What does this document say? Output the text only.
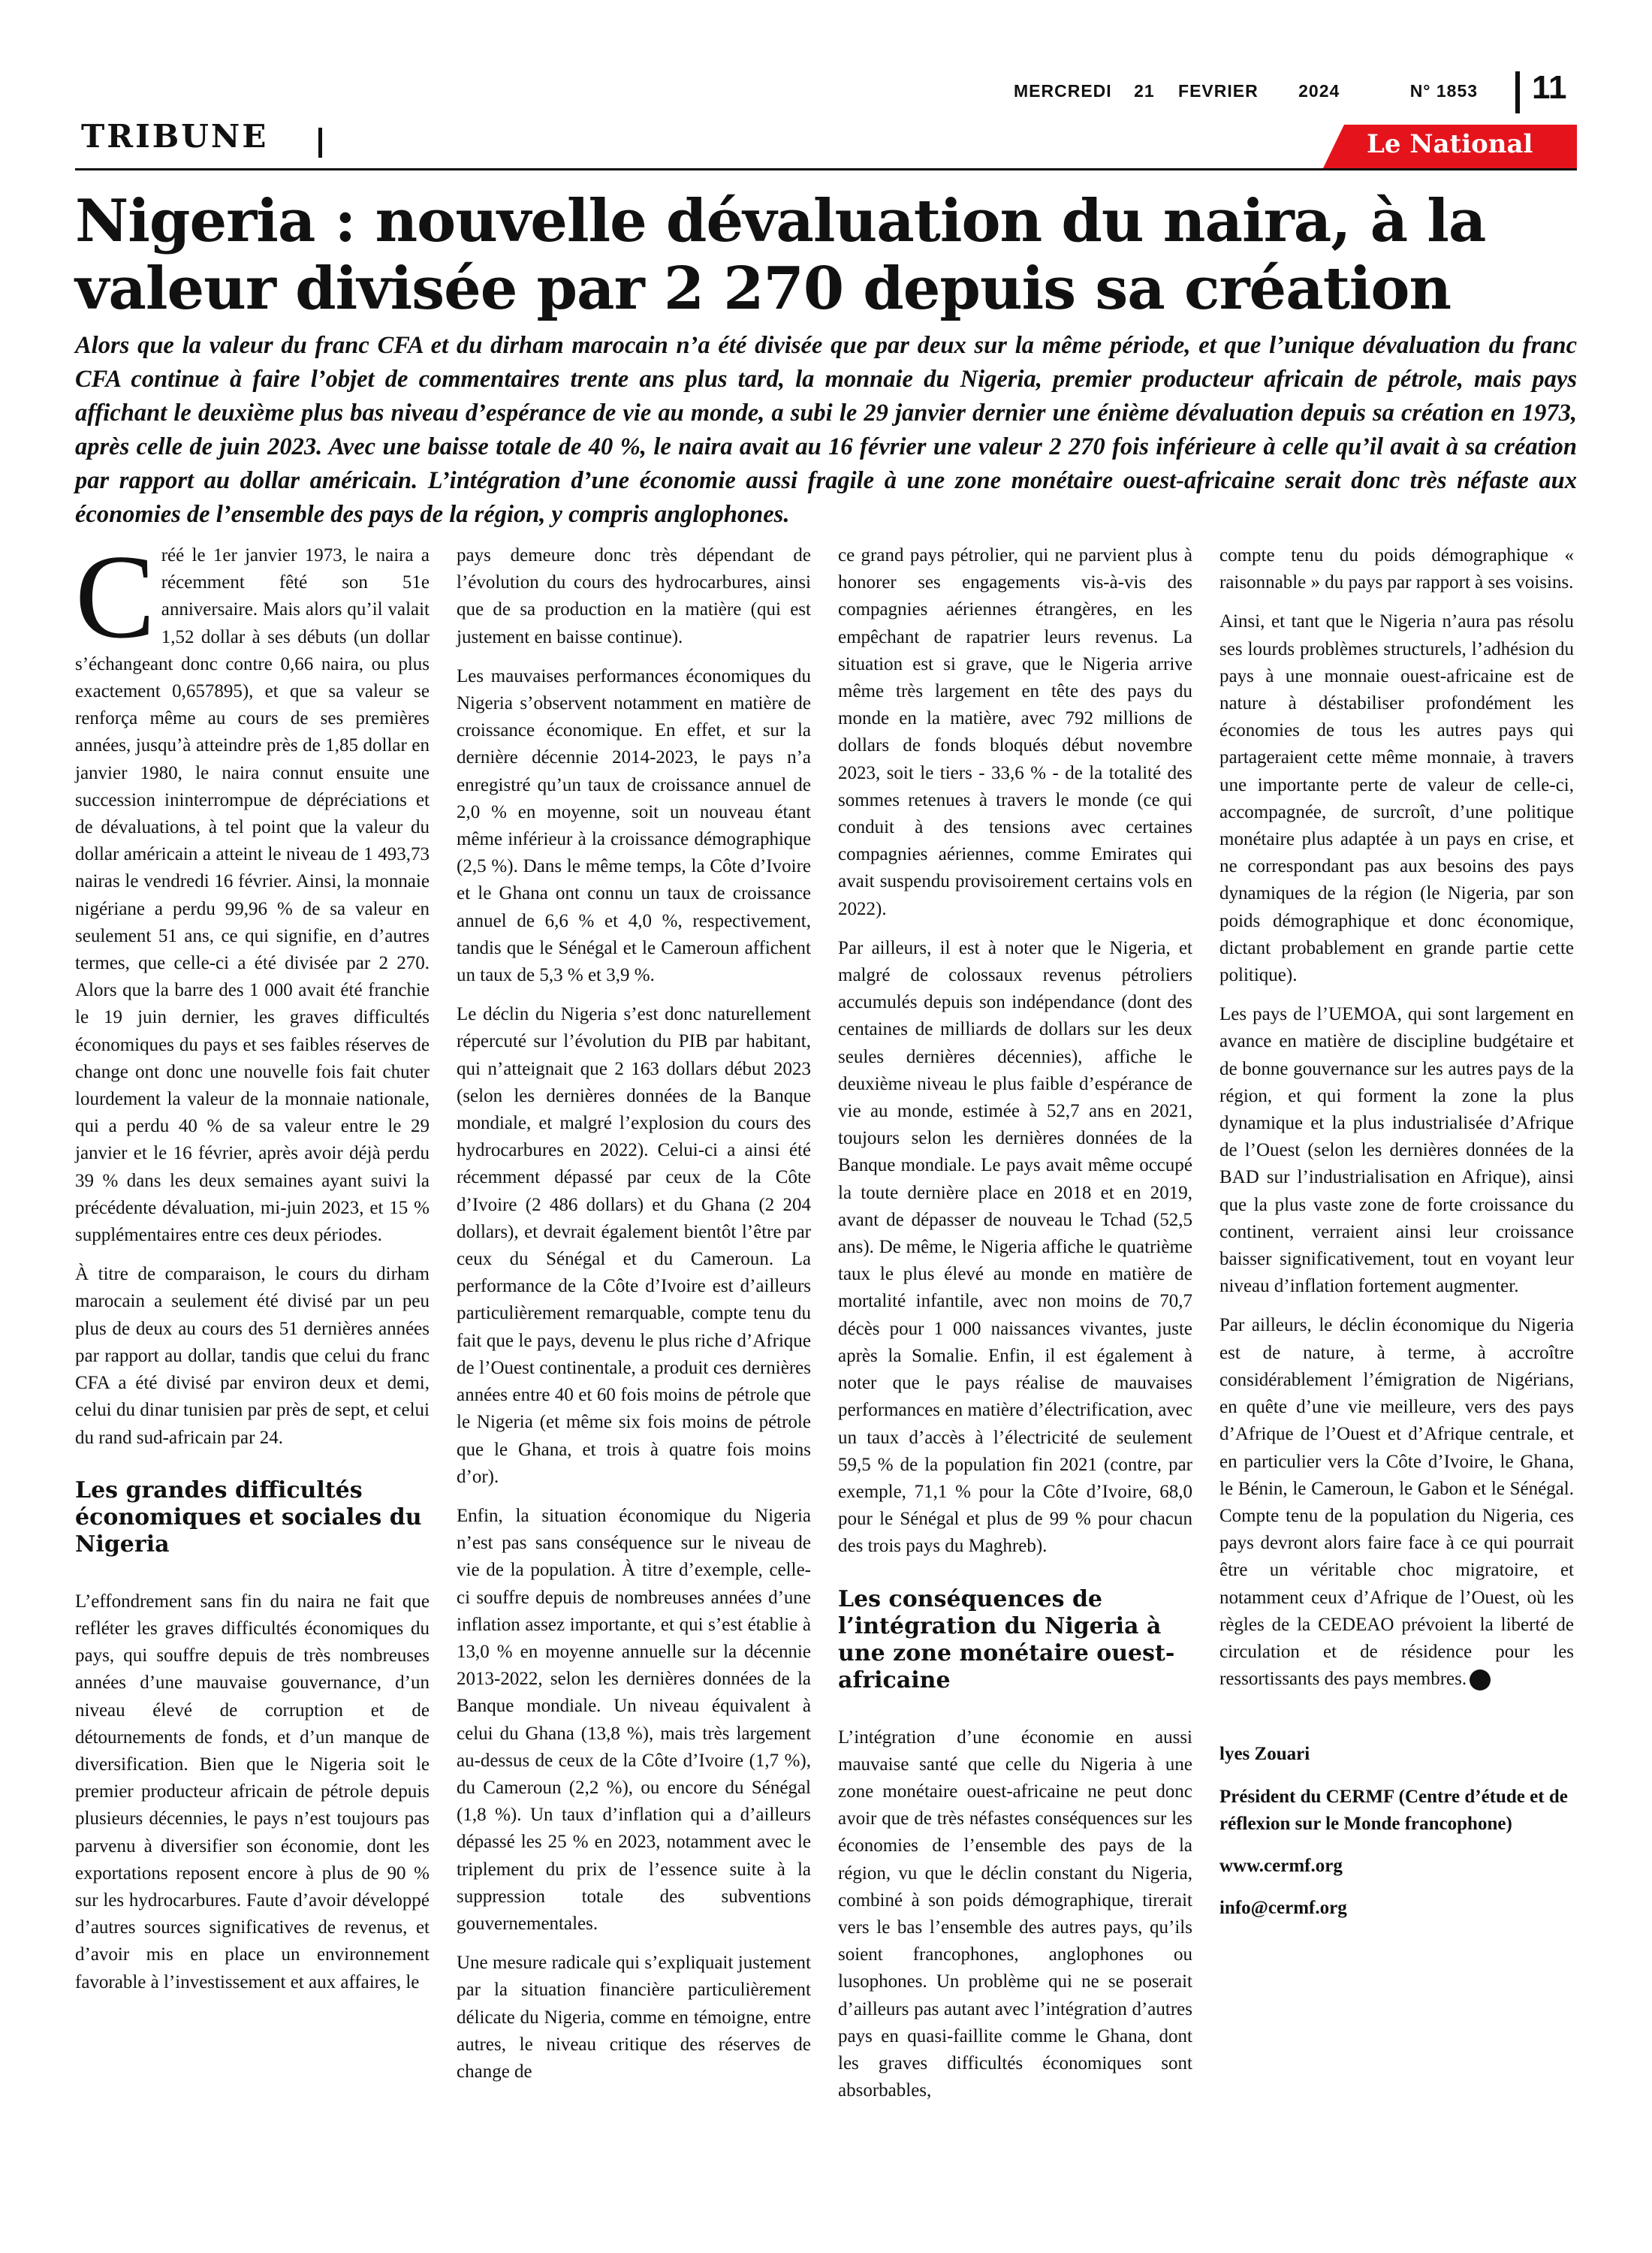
MERCREDI 21 FEVRIER 2024	N° 1853 11
TRIBUNE	Le National
Nigeria : nouvelle dévaluation du naira, à la valeur divisée par 2 270 depuis sa création
Alors que la valeur du franc CFA et du dirham marocain n’a été divisée que par deux sur la même période, et que l’unique dévaluation du franc CFA continue à faire l’objet de commentaires trente ans plus tard, la monnaie du Nigeria, premier producteur africain de pétrole, mais pays affichant le deuxième plus bas niveau d’espérance de vie au monde, a subi le 29 janvier dernier une énième dévaluation depuis sa création en 1973, après celle de juin 2023. Avec une baisse totale de 40 %, le naira avait au 16 février une valeur 2 270 fois inférieure à celle qu’il avait à sa création par rapport au dollar américain. L’intégration d’une économie aussi fragile à une zone monétaire ouest-africaine serait donc très néfaste aux économies de l’ensemble des pays de la région, y compris anglophones.

Créé le 1er janvier 1973, le naira a récemment fêté son 51e anniversaire. Mais alors qu’il valait 1,52 dollar à ses débuts (un dollar s’échangeant donc contre 0,66 naira, ou plus exactement 0,657895), et que sa valeur se renforça même au cours de ses premières années, jusqu’à atteindre près de 1,85 dollar en janvier 1980, le naira connut ensuite une succession ininterrompue de dépréciations et de dévaluations, à tel point que la valeur du dollar américain a atteint le niveau de 1 493,73 nairas le vendredi 16 février. Ainsi, la monnaie nigériane a perdu 99,96 % de sa valeur en seulement 51 ans, ce qui signifie, en d’autres termes, que celle-ci a été divisée par 2 270. Alors que la barre des 1 000 avait été franchie le 19 juin dernier, les graves difficultés économiques du pays et ses faibles réserves de change ont donc une nouvelle fois fait chuter lourdement la valeur de la monnaie nationale, qui a perdu 40 % de sa valeur entre le 29 janvier et le 16 février, après avoir déjà perdu 39 % dans les deux semaines ayant suivi la précédente dévaluation, mi-juin 2023, et 15 % supplémentaires entre ces deux périodes.

À titre de comparaison, le cours du dirham marocain a seulement été divisé par un peu plus de deux au cours des 51 dernières années par rapport au dollar, tandis que celui du franc CFA a été divisé par environ deux et demi, celui du dinar tunisien par près de sept, et celui du rand sud-africain par 24.

Les grandes difficultés économiques et sociales du Nigeria

L’effondrement sans fin du naira ne fait que refléter les graves difficultés économiques du pays, qui souffre depuis de très nombreuses années d’une mauvaise gouvernance, d’un niveau élevé de corruption et de détournements de fonds, et d’un manque de diversification. Bien que le Nigeria soit le premier producteur africain de pétrole depuis plusieurs décennies, le pays n’est toujours pas parvenu à diversifier son économie, dont les exportations reposent encore à plus de 90 % sur les hydrocarbures. Faute d’avoir développé d’autres sources significatives de revenus, et d’avoir mis en place un environnement favorable à l’investissement et aux affaires, le

pays demeure donc très dépendant de l’évolution du cours des hydrocarbures, ainsi que de sa production en la matière (qui est justement en baisse continue).

Les mauvaises performances économiques du Nigeria s’observent notamment en matière de croissance économique. En effet, et sur la dernière décennie 2014-2023, le pays n’a enregistré qu’un taux de croissance annuel de 2,0 % en moyenne, soit un nouveau étant même inférieur à la croissance démographique (2,5 %). Dans le même temps, la Côte d’Ivoire et le Ghana ont connu un taux de croissance annuel de 6,6 % et 4,0 %, respectivement, tandis que le Sénégal et le Cameroun affichent un taux de 5,3 % et 3,9 %.

Le déclin du Nigeria s’est donc naturellement répercuté sur l’évolution du PIB par habitant, qui n’atteignait que 2 163 dollars début 2023 (selon les dernières données de la Banque mondiale, et malgré l’explosion du cours des hydrocarbures en 2022). Celui-ci a ainsi été récemment dépassé par ceux de la Côte d’Ivoire (2 486 dollars) et du Ghana (2 204 dollars), et devrait également bientôt l’être par ceux du Sénégal et du Cameroun. La performance de la Côte d’Ivoire est d’ailleurs particulièrement remarquable, compte tenu du fait que le pays, devenu le plus riche d’Afrique de l’Ouest continentale, a produit ces dernières années entre 40 et 60 fois moins de pétrole que le Nigeria (et même six fois moins de pétrole que le Ghana, et trois à quatre fois moins d’or).

Enfin, la situation économique du Nigeria n’est pas sans conséquence sur le niveau de vie de la population. À titre d’exemple, celle-ci souffre depuis de nombreuses années d’une inflation assez importante, et qui s’est établie à 13,0 % en moyenne annuelle sur la décennie 2013-2022, selon les dernières données de la Banque mondiale. Un niveau équivalent à celui du Ghana (13,8 %), mais très largement au-dessus de ceux de la Côte d’Ivoire (1,7 %), du Cameroun (2,2 %), ou encore du Sénégal (1,8 %). Un taux d’inflation qui a d’ailleurs dépassé les 25 % en 2023, notamment avec le triplement du prix de l’essence suite à la suppression totale des subventions gouvernementales.

Une mesure radicale qui s’expliquait justement par la situation financière particulièrement délicate du Nigeria, comme en témoigne, entre autres, le niveau critique des réserves de change de

ce grand pays pétrolier, qui ne parvient plus à honorer ses engagements vis-à-vis des compagnies aériennes étrangères, en les empêchant de rapatrier leurs revenus. La situation est si grave, que le Nigeria arrive même très largement en tête des pays du monde en la matière, avec 792 millions de dollars de fonds bloqués début novembre 2023, soit le tiers - 33,6 % - de la totalité des sommes retenues à travers le monde (ce qui conduit à des tensions avec certaines compagnies aériennes, comme Emirates qui avait suspendu provisoirement certains vols en 2022).

Par ailleurs, il est à noter que le Nigeria, et malgré de colossaux revenus pétroliers accumulés depuis son indépendance (dont des centaines de milliards de dollars sur les deux seules dernières décennies), affiche le deuxième niveau le plus faible d’espérance de vie au monde, estimée à 52,7 ans en 2021, toujours selon les dernières données de la Banque mondiale. Le pays avait même occupé la toute dernière place en 2018 et en 2019, avant de dépasser de nouveau le Tchad (52,5 ans). De même, le Nigeria affiche le quatrième taux le plus élevé au monde en matière de mortalité infantile, avec non moins de 70,7 décès pour 1 000 naissances vivantes, juste après la Somalie. Enfin, il est également à noter que le pays réalise de mauvaises performances en matière d’électrification, avec un taux d’accès à l’électricité de seulement 59,5 % de la population fin 2021 (contre, par exemple, 71,1 % pour la Côte d’Ivoire, 68,0 pour le Sénégal et plus de 99 % pour chacun des trois pays du Maghreb).

Les conséquences de l’intégration du Nigeria à une zone monétaire ouest-africaine

L’intégration d’une économie en aussi mauvaise santé que celle du Nigeria à une zone monétaire ouest-africaine ne peut donc avoir que de très néfastes conséquences sur les économies de l’ensemble des pays de la région, vu que le déclin constant du Nigeria, combiné à son poids démographique, tirerait vers le bas l’ensemble des autres pays, qu’ils soient francophones, anglophones ou lusophones. Un problème qui ne se poserait d’ailleurs pas autant avec l’intégration d’autres pays en quasi-faillite comme le Ghana, dont les graves difficultés économiques sont absorbables,

compte tenu du poids démographique « raisonnable » du pays par rapport à ses voisins.

Ainsi, et tant que le Nigeria n’aura pas résolu ses lourds problèmes structurels, l’adhésion du pays à une monnaie ouest-africaine est de nature à déstabiliser profondément les économies de tous les autres pays qui partageraient cette même monnaie, à travers une importante perte de valeur de celle-ci, accompagnée, de surcroît, d’une politique monétaire plus adaptée à un pays en crise, et ne correspondant pas aux besoins des pays dynamiques de la région (le Nigeria, par son poids démographique et donc économique, dictant probablement en grande partie cette politique).

Les pays de l’UEMOA, qui sont largement en avance en matière de discipline budgétaire et de bonne gouvernance sur les autres pays de la région, et qui forment la zone la plus dynamique et la plus industrialisée d’Afrique de l’Ouest (selon les dernières données de la BAD sur l’industrialisation en Afrique), ainsi que la plus vaste zone de forte croissance du continent, verraient ainsi leur croissance baisser significativement, tout en voyant leur niveau d’inflation fortement augmenter.

Par ailleurs, le déclin économique du Nigeria est de nature, à terme, à accroître considérablement l’émigration de Nigérians, en quête d’une vie meilleure, vers des pays d’Afrique de l’Ouest et d’Afrique centrale, et en particulier vers la Côte d’Ivoire, le Ghana, le Bénin, le Cameroun, le Gabon et le Sénégal. Compte tenu de la population du Nigeria, ces pays devront alors faire face à ce qui pourrait être un véritable choc migratoire, et notamment ceux d’Afrique de l’Ouest, où les règles de la CEDEAO prévoient la liberté de circulation et de résidence pour les ressortissants des pays membres.

lyes Zouari

Président du CERMF (Centre d’étude et de réflexion sur le Monde francophone)

www.cermf.org

info@cermf.org
